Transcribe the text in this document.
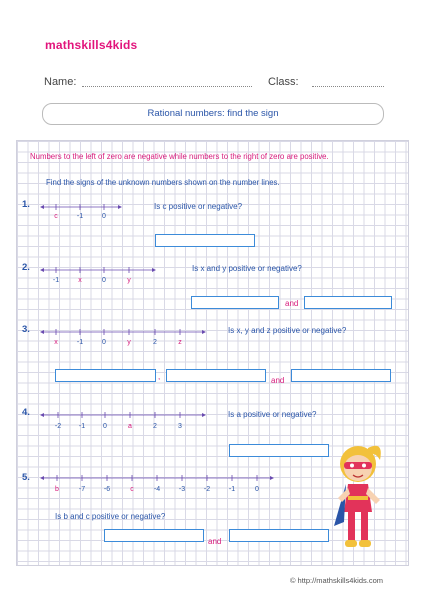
mathskills4kids
Name:	Class:
Rational numbers: find the sign
Numbers to the left of zero are negative while numbers to the right of zero are positive.
Find the signs of the unknown numbers shown on the number lines.
1.	Is c positive or negative?
c	-1	0
2.	Is x and y positive or negative?
-1	x	0	y
and
3.	Is x, y and z positive or negative?
x	-1	0	y	2	z
,	and
4.	Is a positive or negative?
-2	-1	0	a	2	3
5.
b	-7	-6	c	-4	-3	-2	-1	0
Is b and c positive or negative?
and
© http://mathskills4kids.com
